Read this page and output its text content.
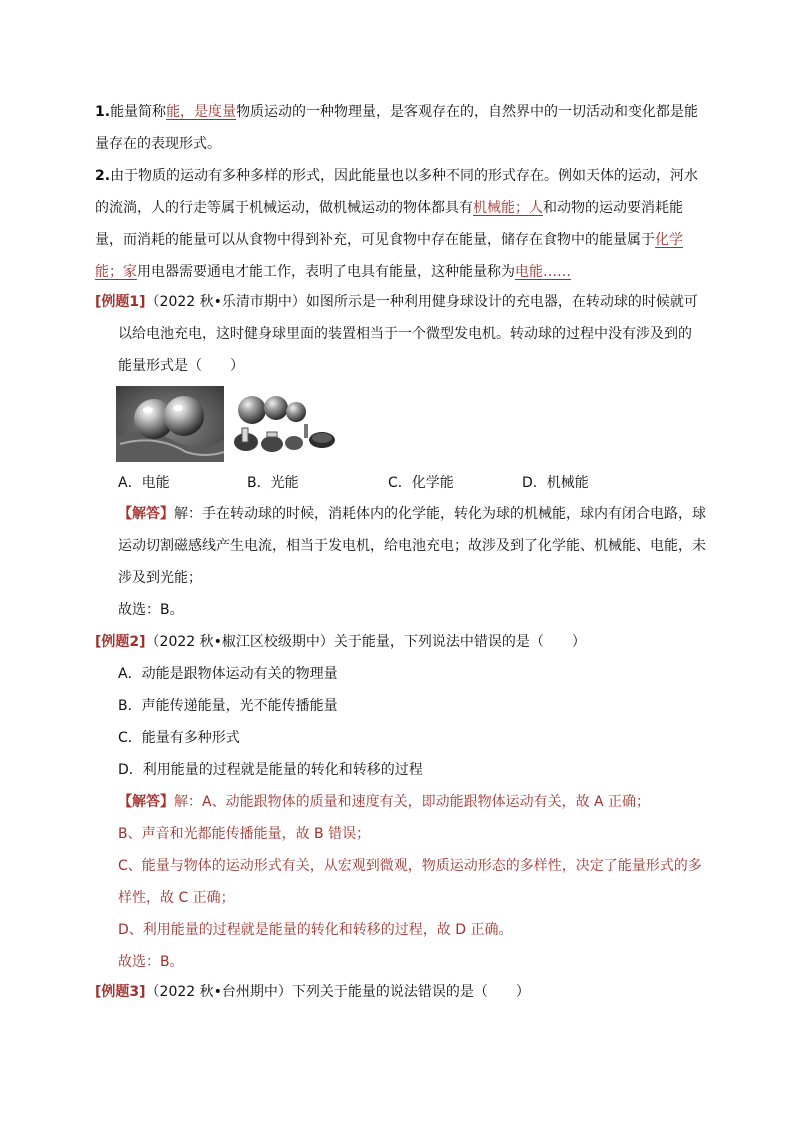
1.能量简称能，是度量物质运动的一种物理量，是客观存在的，自然界中的一切活动和变化都是能量存在的表现形式。

2.由于物质的运动有多种多样的形式，因此能量也以多种不同的形式存在。例如天体的运动，河水的流淌，人的行走等属于机械运动，做机械运动的物体都具有机械能；人和动物的运动要消耗能量，而消耗的能量可以从食物中得到补充，可见食物中存在能量，储存在食物中的能量属于化学能；家用电器需要通电才能工作，表明了电具有能量，这种能量称为电能……

[例题1]（2022 秋•乐清市期中）如图所示是一种利用健身球设计的充电器，在转动球的时候就可

以给电池充电，这时健身球里面的装置相当于一个微型发电机。转动球的过程中没有涉及到的

能量形式是（　　）

A．电能	B．光能	C．化学能	D．机械能

【解答】解：手在转动球的时候，消耗体内的化学能，转化为球的机械能，球内有闭合电路，球

运动切割磁感线产生电流，相当于发电机，给电池充电；故涉及到了化学能、机械能、电能，未

涉及到光能；

故选：B。

[例题2]（2022 秋•椒江区校级期中）关于能量，下列说法中错误的是（　　）

A．动能是跟物体运动有关的物理量

B．声能传递能量，光不能传播能量

C．能量有多种形式

D．利用能量的过程就是能量的转化和转移的过程

【解答】解：A、动能跟物体的质量和速度有关，即动能跟物体运动有关，故 A 正确；

B、声音和光都能传播能量，故 B 错误；

C、能量与物体的运动形式有关，从宏观到微观，物质运动形态的多样性，决定了能量形式的多

样性，故 C 正确；

D、利用能量的过程就是能量的转化和转移的过程，故 D 正确。

故选：B。

[例题3]（2022 秋•台州期中）下列关于能量的说法错误的是（　　）
